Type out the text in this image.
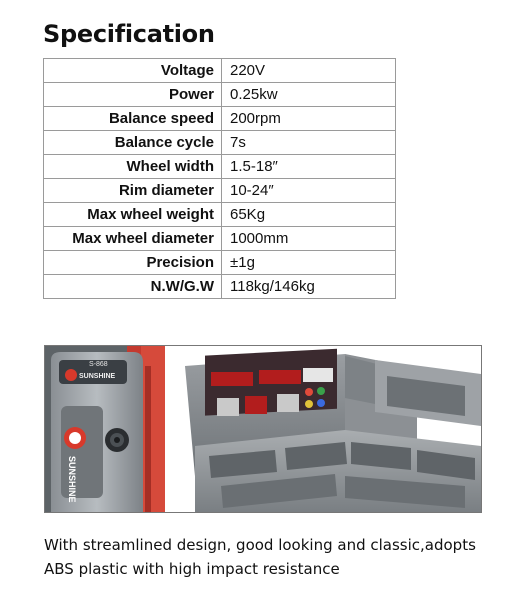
Specification
Voltage	220V
Power	0.25kw
Balance speed	200rpm
Balance cycle	7s
Wheel width	1.5-18″
Rim diameter	10-24″
Max wheel weight	65Kg
Max wheel diameter	1000mm
Precision	±1g
N.W/G.W	118kg/146kg
S-868
SUNSHINE
SUNSHINE
With streamlined design, good looking and classic,adopts
ABS plastic with high impact resistance
